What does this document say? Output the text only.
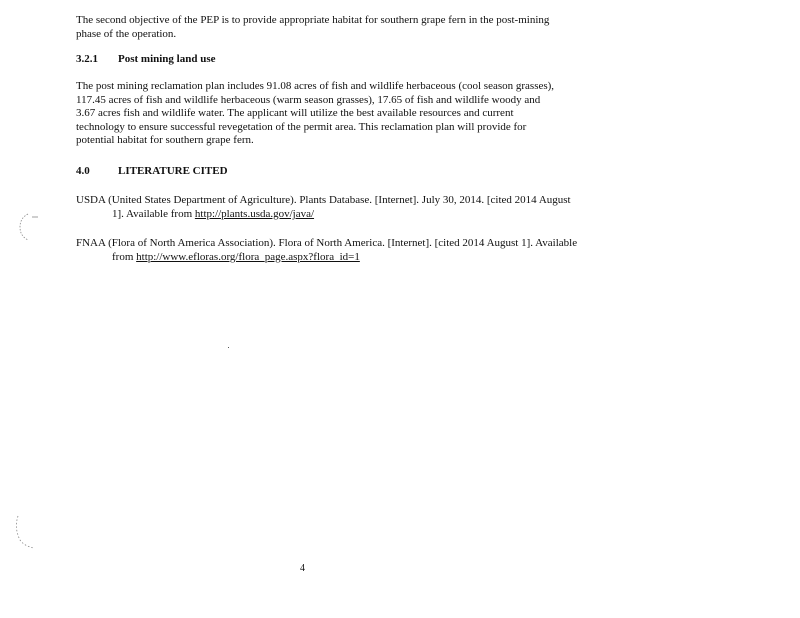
The second objective of the PEP is to provide appropriate habitat for southern grape fern in the post-mining phase of the operation.

3.2.1 Post mining land use

The post mining reclamation plan includes 91.08 acres of fish and wildlife herbaceous (cool season grasses), 117.45 acres of fish and wildlife herbaceous (warm season grasses), 17.65 of fish and wildlife woody and 3.67 acres fish and wildlife water. The applicant will utilize the best available resources and current technology to ensure successful revegetation of the permit area. This reclamation plan will provide for potential habitat for southern grape fern.

4.0	LITERATURE CITED

USDA (United States Department of Agriculture). Plants Database. [Internet]. July 30, 2014. [cited 2014 August 1]. Available from http://plants.usda.gov/java/

FNAA (Flora of North America Association). Flora of North America. [Internet]. [cited 2014 August 1]. Available from http://www.efloras.org/flora_page.aspx?flora_id=1

4
